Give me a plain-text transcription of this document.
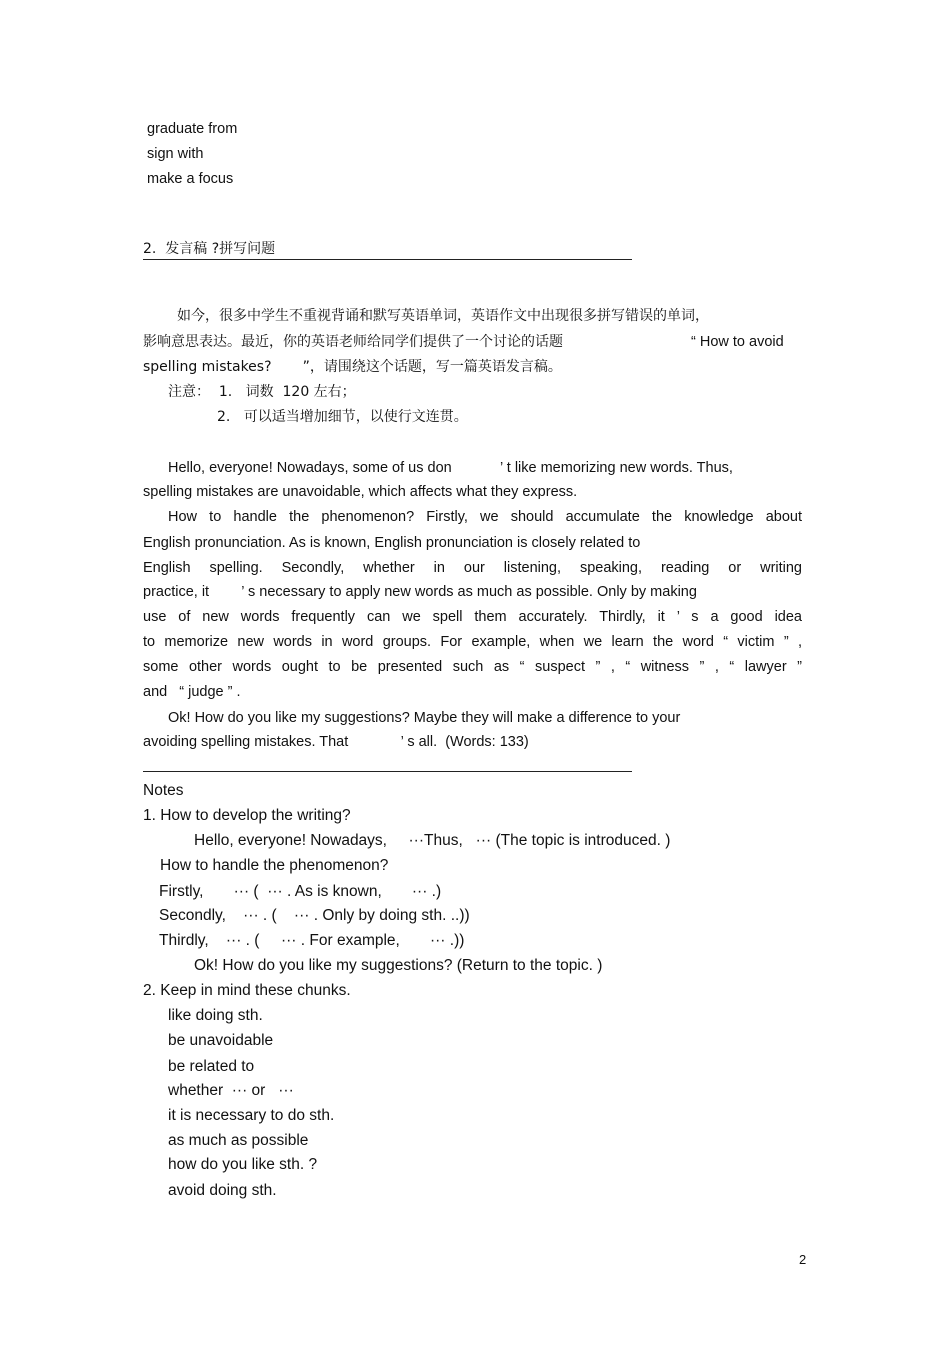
graduate from
sign with
make a focus
2.  发言稿 ?拼写问题
如今，很多中学生不重视背诵和默写英语单词，英语作文中出现很多拼写错误的单词，
影响意思表达。最近，你的英语老师给同学们提供了一个讨论的话题	“ How to avoid
spelling mistakes?       ”，请围绕这个话题，写一篇英语发言稿。
注意：  1.   词数  120 左右；
2.   可以适当增加细节，以使行文连贯。
Hello, everyone! Nowadays, some of us don            ’ t like memorizing new words. Thus,
spelling mistakes are unavoidable, which affects what they express.
How to handle the phenomenon? Firstly, we should accumulate the knowledge about
English pronunciation. As is known, English pronunciation is closely related to
English spelling. Secondly, whether in our listening, speaking, reading or writing
practice, it        ’ s necessary to apply new words as much as possible. Only by making
use of new words frequently can we spell them accurately. Thirdly, it ’ s a good idea
to memorize new words in word groups. For example, when we learn the word “ victim ” ,
some other words ought to be presented such as “ suspect ” , “ witness ” , “ lawyer ”
and   “ judge ” .
Ok! How do you like my suggestions? Maybe they will make a difference to your
avoiding spelling mistakes. That             ’ s all.  (Words: 133)
Notes
1. How to develop the writing?
Hello, everyone! Nowadays,     ···Thus,   ··· (The topic is introduced. )
How to handle the phenomenon?
Firstly,       ··· (  ··· . As is known,       ··· .)
Secondly,    ··· . (    ··· . Only by doing sth. ..))
Thirdly,    ··· . (     ··· . For example,       ··· .))
Ok! How do you like my suggestions? (Return to the topic. )
2. Keep in mind these chunks.
like doing sth.
be unavoidable
be related to
whether  ··· or   ···
it is necessary to do sth.
as much as possible
how do you like sth. ?
avoid doing sth.
2
